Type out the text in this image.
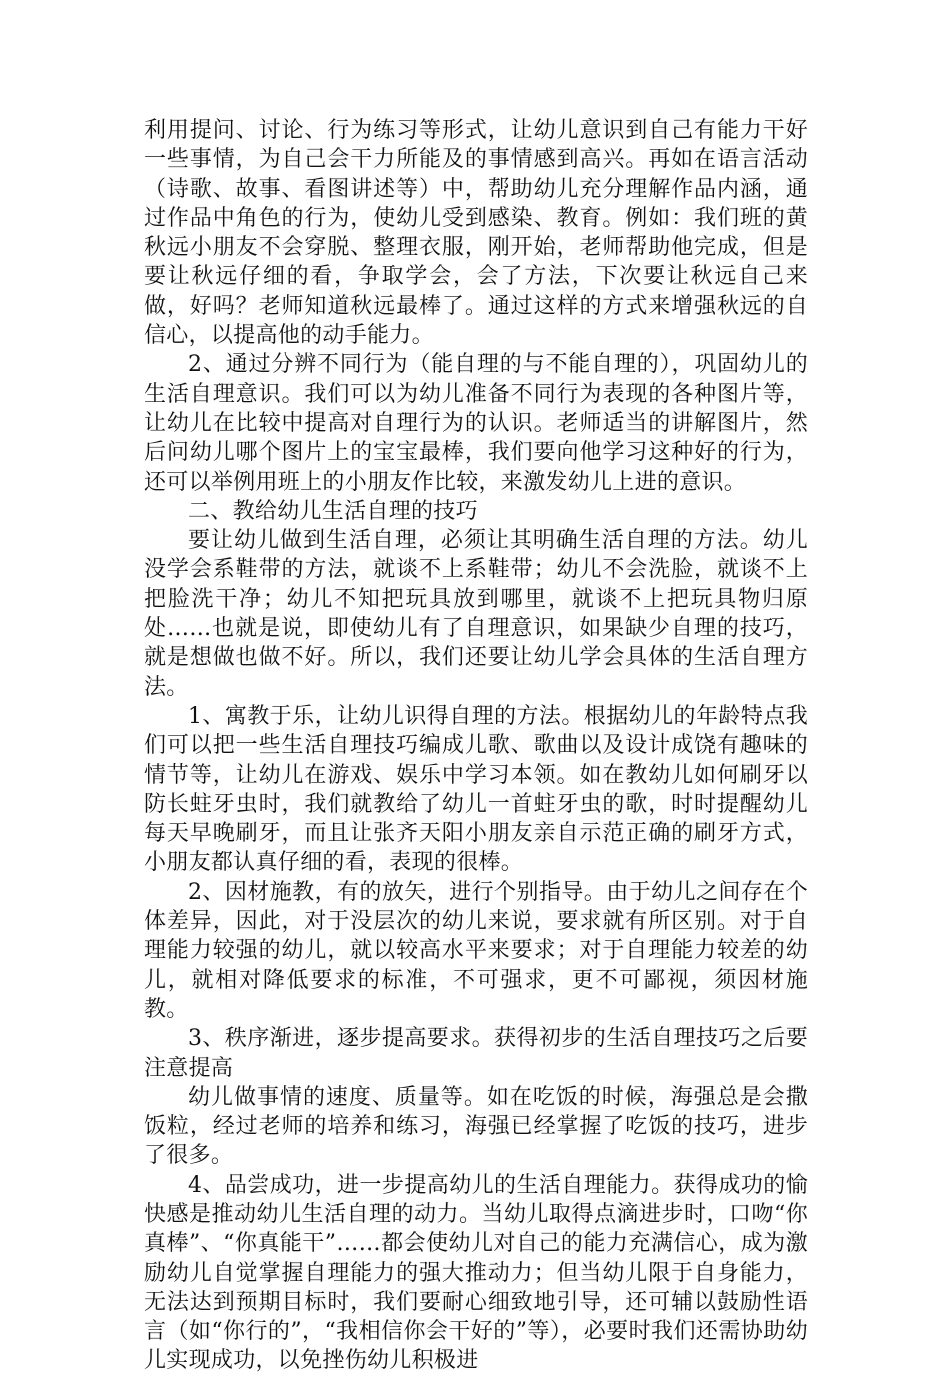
利用提问、讨论、行为练习等形式，让幼儿意识到自己有能力干好一些事情，为自己会干力所能及的事情感到高兴。再如在语言活动（诗歌、故事、看图讲述等）中，帮助幼儿充分理解作品内涵，通过作品中角色的行为，使幼儿受到感染、教育。例如：我们班的黄秋远小朋友不会穿脱、整理衣服，刚开始，老师帮助他完成，但是要让秋远仔细的看，争取学会，会了方法，下次要让秋远自己来做，好吗？老师知道秋远最棒了。通过这样的方式来增强秋远的自信心，以提高他的动手能力。

2、通过分辨不同行为（能自理的与不能自理的），巩固幼儿的生活自理意识。我们可以为幼儿准备不同行为表现的各种图片等，让幼儿在比较中提高对自理行为的认识。老师适当的讲解图片，然后问幼儿哪个图片上的宝宝最棒，我们要向他学习这种好的行为，还可以举例用班上的小朋友作比较，来激发幼儿上进的意识。

二、教给幼儿生活自理的技巧

要让幼儿做到生活自理，必须让其明确生活自理的方法。幼儿没学会系鞋带的方法，就谈不上系鞋带；幼儿不会洗脸，就谈不上把脸洗干净；幼儿不知把玩具放到哪里，就谈不上把玩具物归原处……也就是说，即使幼儿有了自理意识，如果缺少自理的技巧，就是想做也做不好。所以，我们还要让幼儿学会具体的生活自理方法。

1、寓教于乐，让幼儿识得自理的方法。根据幼儿的年龄特点我们可以把一些生活自理技巧编成儿歌、歌曲以及设计成饶有趣味的情节等，让幼儿在游戏、娱乐中学习本领。如在教幼儿如何刷牙以防长蛀牙虫时，我们就教给了幼儿一首蛀牙虫的歌，时时提醒幼儿每天早晚刷牙，而且让张齐天阳小朋友亲自示范正确的刷牙方式，小朋友都认真仔细的看，表现的很棒。

2、因材施教，有的放矢，进行个别指导。由于幼儿之间存在个体差异，因此，对于没层次的幼儿来说，要求就有所区别。对于自理能力较强的幼儿，就以较高水平来要求；对于自理能力较差的幼儿，就相对降低要求的标准，不可强求，更不可鄙视，须因材施教。

3、秩序渐进，逐步提高要求。获得初步的生活自理技巧之后要注意提高

幼儿做事情的速度、质量等。如在吃饭的时候，海强总是会撒饭粒，经过老师的培养和练习，海强已经掌握了吃饭的技巧，进步了很多。

4、品尝成功，进一步提高幼儿的生活自理能力。获得成功的愉快感是推动幼儿生活自理的动力。当幼儿取得点滴进步时，口吻“你真棒”、“你真能干”……都会使幼儿对自己的能力充满信心，成为激励幼儿自觉掌握自理能力的强大推动力；但当幼儿限于自身能力，无法达到预期目标时，我们要耐心细致地引导，还可辅以鼓励性语言（如“你行的”，“我相信你会干好的”等），必要时我们还需协助幼儿实现成功，以免挫伤幼儿积极进
